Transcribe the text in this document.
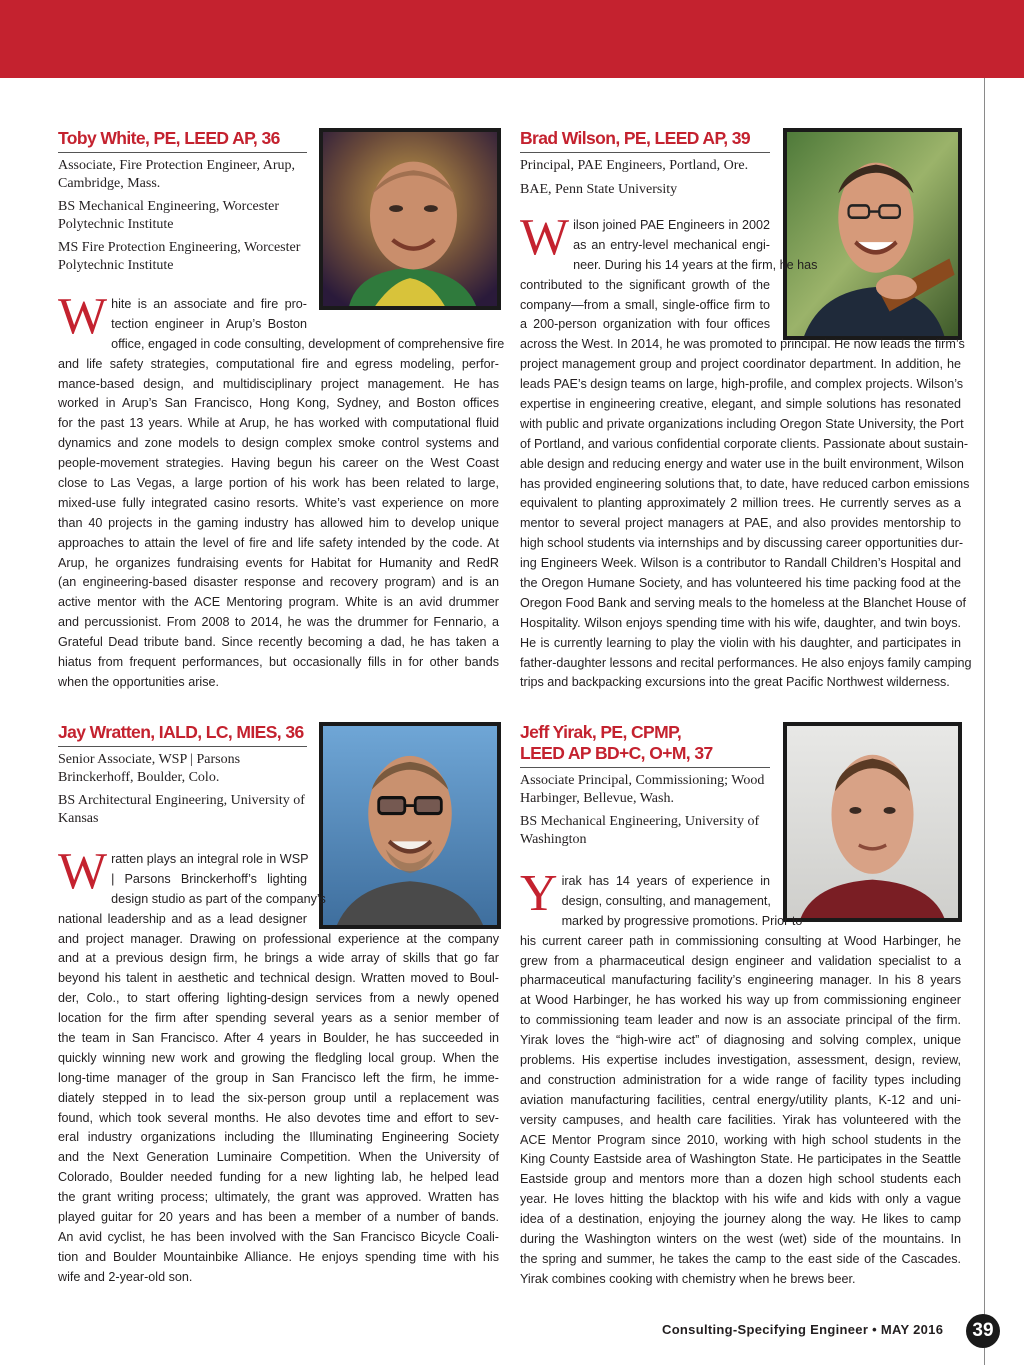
Toby White, PE, LEED AP, 36

Associate, Fire Protection Engineer, Arup, Cambridge, Mass.

BS Mechanical Engineering, Worcester Polytechnic Institute

MS Fire Protection Engineering, Worcester Polytechnic Institute

W hite is an associate and fire pro-
tection engineer in Arup’s Boston
office, engaged in code consulting, development of comprehensive fire
and life safety strategies, computational fire and egress modeling, perfor-
mance-based design, and multidisciplinary project management. He has
worked in Arup’s San Francisco, Hong Kong, Sydney, and Boston offices
for the past 13 years. While at Arup, he has worked with computational fluid
dynamics and zone models to design complex smoke control systems and
people-movement strategies. Having begun his career on the West Coast
close to Las Vegas, a large portion of his work has been related to large,
mixed-use fully integrated casino resorts. White’s vast experience on more
than 40 projects in the gaming industry has allowed him to develop unique
approaches to attain the level of fire and life safety intended by the code. At
Arup, he organizes fundraising events for Habitat for Humanity and RedR
(an engineering-based disaster response and recovery program) and is an
active mentor with the ACE Mentoring program. White is an avid drummer
and percussionist. From 2008 to 2014, he was the drummer for Fennario, a
Grateful Dead tribute band. Since recently becoming a dad, he has taken a
hiatus from frequent performances, but occasionally fills in for other bands
when the opportunities arise.
Brad Wilson, PE, LEED AP, 39

Principal, PAE Engineers, Portland, Ore.

BAE, Penn State University

W ilson joined PAE Engineers in 2002
as an entry-level mechanical engi-
neer. During his 14 years at the firm, he has
contributed to the significant growth of the
company—from a small, single-office firm to
a 200-person organization with four offices
across the West. In 2014, he was promoted to principal. He now leads the firm’s
project management group and project coordinator department. In addition, he
leads PAE’s design teams on large, high-profile, and complex projects. Wilson’s
expertise in engineering creative, elegant, and simple solutions has resonated
with public and private organizations including Oregon State University, the Port
of Portland, and various confidential corporate clients. Passionate about sustain-
able design and reducing energy and water use in the built environment, Wilson
has provided engineering solutions that, to date, have reduced carbon emissions
equivalent to planting approximately 2 million trees. He currently serves as a
mentor to several project managers at PAE, and also provides mentorship to
high school students via internships and by discussing career opportunities dur-
ing Engineers Week. Wilson is a contributor to Randall Children’s Hospital and
the Oregon Humane Society, and has volunteered his time packing food at the
Oregon Food Bank and serving meals to the homeless at the Blanchet House of
Hospitality. Wilson enjoys spending time with his wife, daughter, and twin boys.
He is currently learning to play the violin with his daughter, and participates in
father-daughter lessons and recital performances. He also enjoys family camping
trips and backpacking excursions into the great Pacific Northwest wilderness.
Jay Wratten, IALD, LC, MIES, 36

Senior Associate, WSP | Parsons Brinckerhoff, Boulder, Colo.

BS Architectural Engineering, University of Kansas

W ratten plays an integral role in WSP
| Parsons Brinckerhoff’s lighting
design studio as part of the company’s
national leadership and as a lead designer
and project manager. Drawing on professional experience at the company
and at a previous design firm, he brings a wide array of skills that go far
beyond his talent in aesthetic and technical design. Wratten moved to Boul-
der, Colo., to start offering lighting-design services from a newly opened
location for the firm after spending several years as a senior member of
the team in San Francisco. After 4 years in Boulder, he has succeeded in
quickly winning new work and growing the fledgling local group. When the
long-time manager of the group in San Francisco left the firm, he imme-
diately stepped in to lead the six-person group until a replacement was
found, which took several months. He also devotes time and effort to sev-
eral industry organizations including the Illuminating Engineering Society
and the Next Generation Luminaire Competition. When the University of
Colorado, Boulder needed funding for a new lighting lab, he helped lead
the grant writing process; ultimately, the grant was approved. Wratten has
played guitar for 20 years and has been a member of a number of bands.
An avid cyclist, he has been involved with the San Francisco Bicycle Coali-
tion and Boulder Mountainbike Alliance. He enjoys spending time with his
wife and 2-year-old son.
Jeff Yirak, PE, CPMP,
LEED AP BD+C, O+M, 37

Associate Principal, Commissioning; Wood Harbinger, Bellevue, Wash.

BS Mechanical Engineering, University of Washington

Y irak has 14 years of experience in
design, consulting, and management,
marked by progressive promotions. Prior to
his current career path in commissioning consulting at Wood Harbinger, he
grew from a pharmaceutical design engineer and validation specialist to a
pharmaceutical manufacturing facility’s engineering manager. In his 8 years
at Wood Harbinger, he has worked his way up from commissioning engineer
to commissioning team leader and now is an associate principal of the firm.
Yirak loves the “high-wire act” of diagnosing and solving complex, unique
problems. His expertise includes investigation, assessment, design, review,
and construction administration for a wide range of facility types including
aviation manufacturing facilities, central energy/utility plants, K-12 and uni-
versity campuses, and health care facilities. Yirak has volunteered with the
ACE Mentor Program since 2010, working with high school students in the
King County Eastside area of Washington State. He participates in the Seattle
Eastside group and mentors more than a dozen high school students each
year. He loves hitting the blacktop with his wife and kids with only a vague
idea of a destination, enjoying the journey along the way. He likes to camp
during the Washington winters on the west (wet) side of the mountains. In
the spring and summer, he takes the camp to the east side of the Cascades.
Yirak combines cooking with chemistry when he brews beer.
Consulting-Specifying Engineer • MAY 2016	39
